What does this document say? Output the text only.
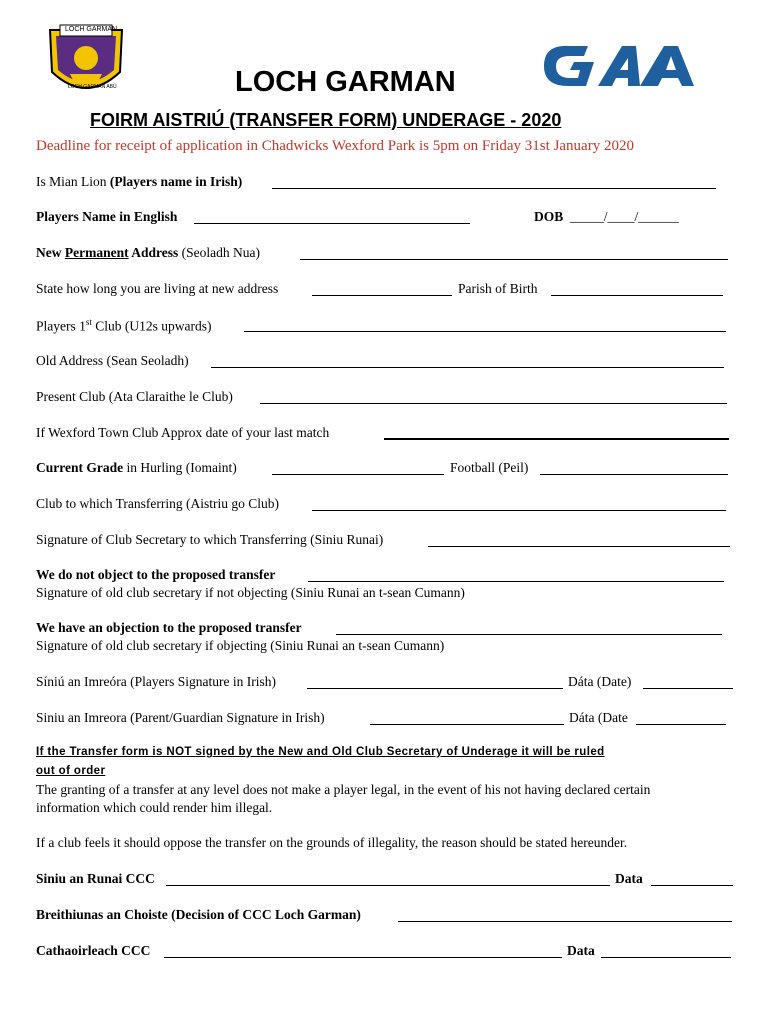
LOCH GARMAN
LOCH GARMAN ABÚ	LOCH GARMAN
FOIRM AISTRIÚ (TRANSFER FORM) UNDERAGE - 2020
Deadline for receipt of application in Chadwicks Wexford Park is 5pm on Friday 31st January 2020
Is Mian Lion (Players name in Irish)
Players Name in English	DOB _____/____/______
New Permanent Address (Seoladh Nua)
State how long you are living at new address	Parish of Birth
Players 1st Club (U12s upwards)
Old Address (Sean Seoladh)
Present Club (Ata Claraithe le Club)
If Wexford Town Club Approx date of your last match
Current Grade in Hurling (Iomaint)	Football (Peil)
Club to which Transferring (Aistriu go Club)
Signature of Club Secretary to which Transferring (Siniu Runai)
We do not object to the proposed transfer
Signature of old club secretary if not objecting (Siniu Runai an t-sean Cumann)
We have an objection to the proposed transfer
Signature of old club secretary if objecting (Siniu Runai an t-sean Cumann)
Síniú an Imreóra (Players Signature in Irish)	Dáta (Date)
Siniu an Imreora (Parent/Guardian Signature in Irish)	Dáta (Date
If the Transfer form is NOT signed by the New and Old Club Secretary of Underage it will be ruled
out of order
The granting of a transfer at any level does not make a player legal, in the event of his not having declared certain
information which could render him illegal.
If a club feels it should oppose the transfer on the grounds of illegality, the reason should be stated hereunder.
Siniu an Runai CCC	Data
Breithiunas an Choiste (Decision of CCC Loch Garman)
Cathaoirleach CCC	Data
